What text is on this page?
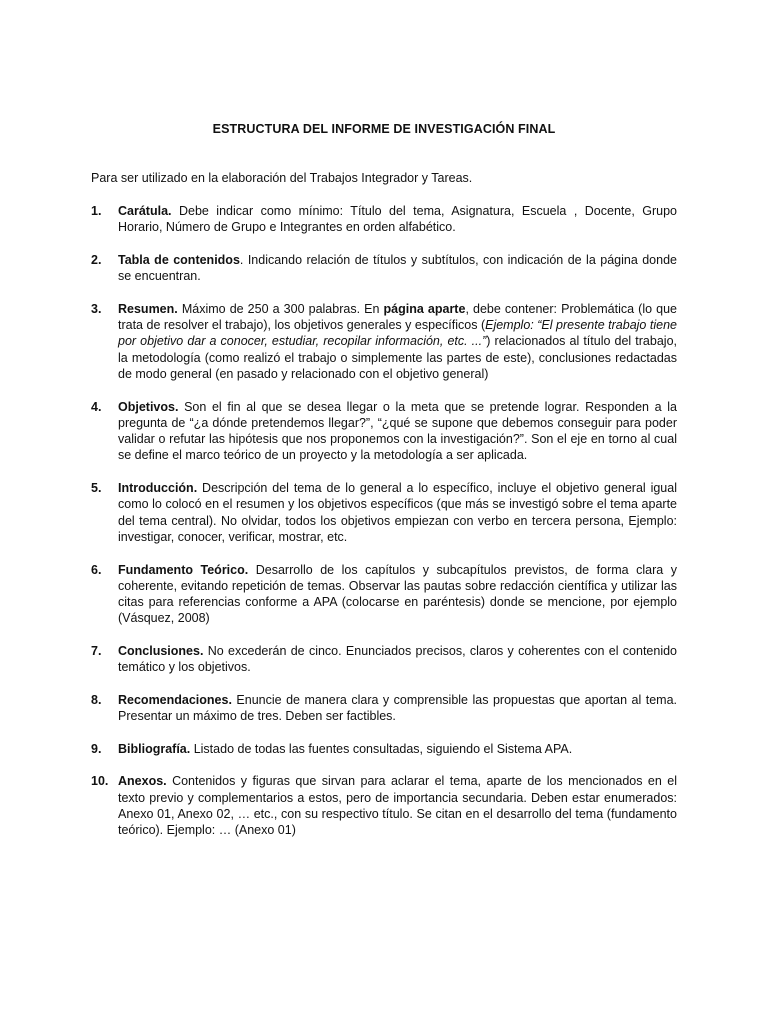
ESTRUCTURA DEL INFORME DE INVESTIGACIÓN FINAL
Para ser utilizado en la elaboración del Trabajos Integrador y Tareas.
1. Carátula. Debe indicar como mínimo: Título del tema, Asignatura, Escuela , Docente, Grupo Horario, Número de Grupo e Integrantes en orden alfabético.
2. Tabla de contenidos. Indicando relación de títulos y subtítulos, con indicación de la página donde se encuentran.
3. Resumen. Máximo de 250 a 300 palabras. En página aparte, debe contener: Problemática (lo que trata de resolver el trabajo), los objetivos generales y específicos (Ejemplo: “El presente trabajo tiene por objetivo dar a conocer, estudiar, recopilar información, etc. ...”) relacionados al título del trabajo, la metodología (como realizó el trabajo o simplemente las partes de este), conclusiones redactadas de modo general (en pasado y relacionado con el objetivo general)
4. Objetivos. Son el fin al que se desea llegar o la meta que se pretende lograr. Responden a la pregunta de “¿a dónde pretendemos llegar?”, “¿qué se supone que debemos conseguir para poder validar o refutar las hipótesis que nos proponemos con la investigación?”. Son el eje en torno al cual se define el marco teórico de un proyecto y la metodología a ser aplicada.
5. Introducción. Descripción del tema de lo general a lo específico, incluye el objetivo general igual como lo colocó en el resumen y los objetivos específicos (que más se investigó sobre el tema aparte del tema central). No olvidar, todos los objetivos empiezan con verbo en tercera persona, Ejemplo: investigar, conocer, verificar, mostrar, etc.
6. Fundamento Teórico. Desarrollo de los capítulos y subcapítulos previstos, de forma clara y coherente, evitando repetición de temas. Observar las pautas sobre redacción científica y utilizar las citas para referencias conforme a APA (colocarse en paréntesis) donde se mencione, por ejemplo (Vásquez, 2008)
7. Conclusiones. No excederán de cinco. Enunciados precisos, claros y coherentes con el contenido temático y los objetivos.
8. Recomendaciones. Enuncie de manera clara y comprensible las propuestas que aportan al tema. Presentar un máximo de tres. Deben ser factibles.
9. Bibliografía. Listado de todas las fuentes consultadas, siguiendo el Sistema APA.
10. Anexos. Contenidos y figuras que sirvan para aclarar el tema, aparte de los mencionados en el texto previo y complementarios a estos, pero de importancia secundaria. Deben estar enumerados: Anexo 01, Anexo 02, … etc., con su respectivo título. Se citan en el desarrollo del tema (fundamento teórico). Ejemplo: … (Anexo 01)
